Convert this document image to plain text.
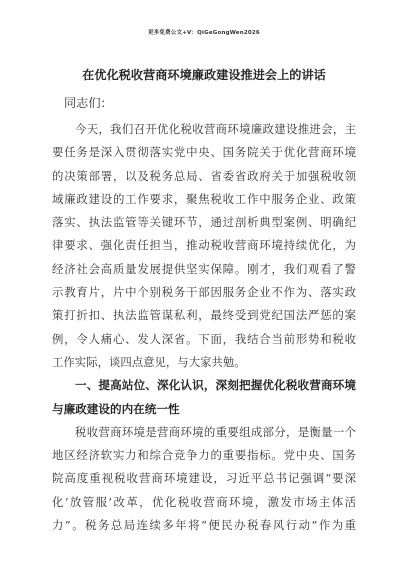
更多免费公文+V：QiGeGongWen2026
在优化税收营商环境廉政建设推进会上的讲话
同志们：
今天，我们召开优化税收营商环境廉政建设推进会，主
要任务是深入贯彻落实党中央、国务院关于优化营商环境
的决策部署，以及税务总局、省委省政府关于加强税收领
域廉政建设的工作要求，聚焦税收工作中服务企业、政策
落实、执法监管等关键环节，通过剖析典型案例、明确纪
律要求、强化责任担当，推动税收营商环境持续优化，为
经济社会高质量发展提供坚实保障。刚才，我们观看了警
示教育片，片中个别税务干部因服务企业不作为、落实政
策打折扣、执法监管谋私利，最终受到党纪国法严惩的案
例，令人痛心、发人深省。下面，我结合当前形势和税收
工作实际，谈四点意见，与大家共勉。
一、提高站位、深化认识，深刻把握优化税收营商环境
与廉政建设的内在统一性
税收营商环境是营商环境的重要组成部分，是衡量一个
地区经济软实力和综合竞争力的重要指标。党中央、国务
院高度重视税收营商环境建设，习近平总书记强调“要深
化‘放管服’改革，优化税收营商环境，激发市场主体活
力”。税务总局连续多年将“便民办税春风行动”作为重
